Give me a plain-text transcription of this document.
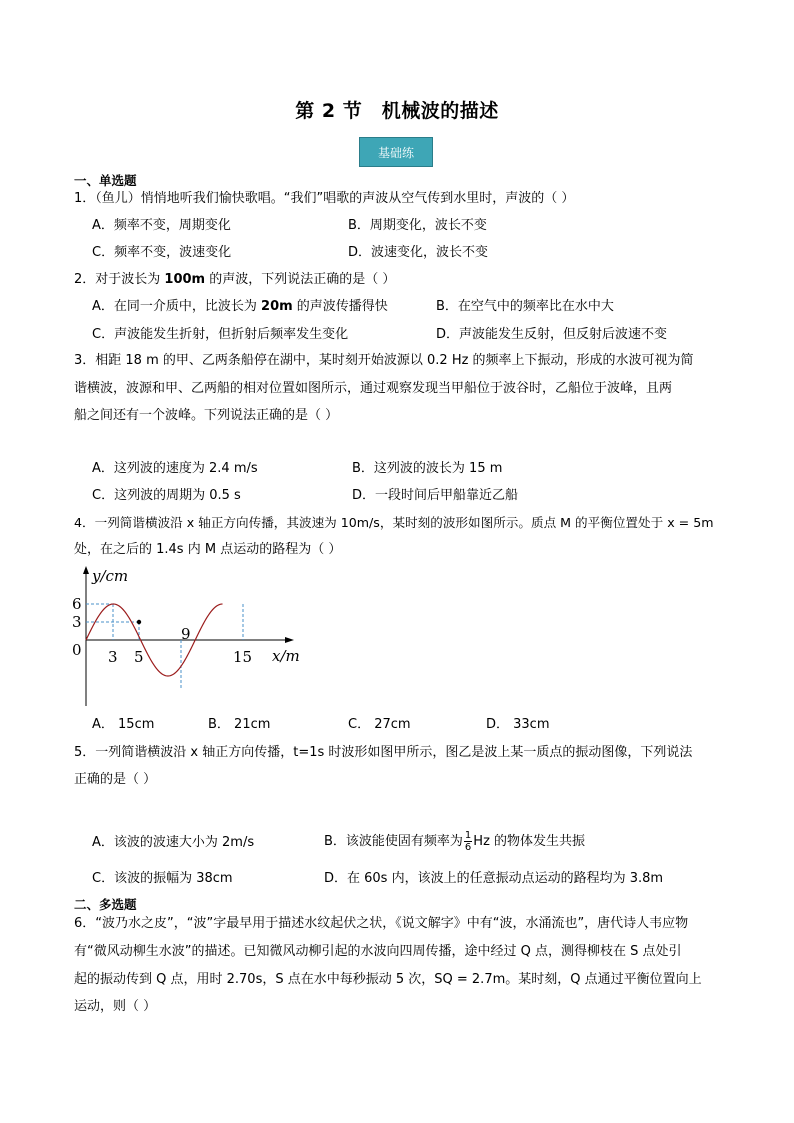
第 2 节　机械波的描述
基础练
一、单选题
1．（鱼儿）悄悄地听我们愉快歌唱。“我们”唱歌的声波从空气传到水里时，声波的（ ）
A．频率不变，周期变化	B．周期变化，波长不变
C．频率不变，波速变化	D．波速变化，波长不变
2．对于波长为 100m 的声波，下列说法正确的是（ ）
A．在同一介质中，比波长为 20m 的声波传播得快	B．在空气中的频率比在水中大
C．声波能发生折射，但折射后频率发生变化	D．声波能发生反射，但反射后波速不变
3．相距 18 m 的甲、乙两条船停在湖中，某时刻开始波源以 0.2 Hz 的频率上下振动，形成的水波可视为简
谐横波，波源和甲、乙两船的相对位置如图所示，通过观察发现当甲船位于波谷时，乙船位于波峰，且两
船之间还有一个波峰。下列说法正确的是（ ）
A．这列波的速度为 2.4 m/s	B．这列波的波长为 15 m
C．这列波的周期为 0.5 s	D．一段时间后甲船靠近乙船
4．一列简谐横波沿 x 轴正方向传播，其波速为 10m/s，某时刻的波形如图所示。质点 M 的平衡位置处于 x = 5m
处，在之后的 1.4s 内 M 点运动的路程为（ ）
y/cm
x/m
6
3
0 3 5
9
15
A． 15cm	B． 21cm	C． 27cm	D． 33cm
5．一列简谐横波沿 x 轴正方向传播，t=1s 时波形如图甲所示，图乙是波上某一质点的振动图像，下列说法
正确的是（ ）
A．该波的波速大小为 2m/s	B．该波能使固有频率为 $\frac{1}{6}$ Hz 的物体发生共振
C．该波的振幅为 38cm	D．在 60s 内，该波上的任意振动点运动的路程均为 3.8m
二、多选题
6．“波乃水之皮”，“波”字最早用于描述水纹起伏之状，《说文解字》中有“波，水涌流也”，唐代诗人韦应物
有“微风动柳生水波”的描述。已知微风动柳引起的水波向四周传播，途中经过 Q 点，测得柳枝在 S 点处引
起的振动传到 Q 点，用时 2.70s，S 点在水中每秒振动 5 次，SQ = 2.7m。某时刻，Q 点通过平衡位置向上
运动，则（ ）
